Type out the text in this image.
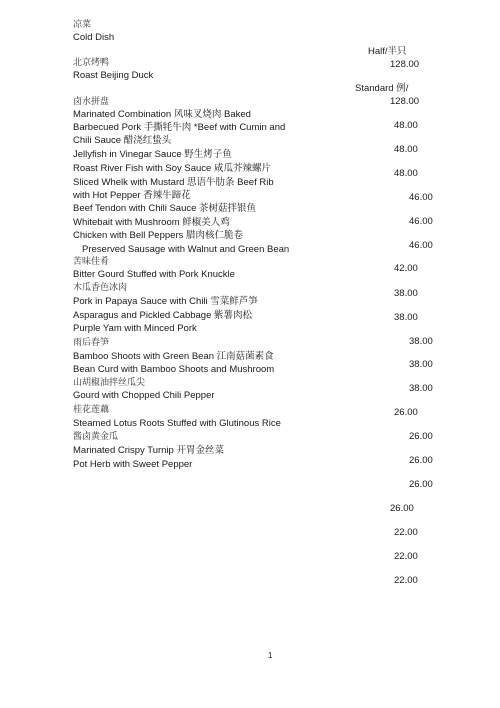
凉菜
Cold Dish
Half/半只
Standard 例/
北京烤鸭
Roast Beijing Duck
卤水拼盘
Marinated Combination 风味叉烧肉 Baked
Barbecued Pork 手撕牦牛肉 *Beef with Cumin and
Chili Sauce 醋浇红蛰头
Jellyfish in Vinegar Sauce 野生烤子鱼
Roast River Fish with Soy Sauce 咸瓜芥辣螺片
Sliced Whelk with Mustard 思语牛肋条 Beef Rib
with Hot Pepper 香辣牛蹄花
Beef Tendon with Chili Sauce 茶树菇拌银鱼
Whitebait with Mushroom 鲜椒美人鸡
Chicken with Bell Peppers 腊肉核仁脆卷
Preserved Sausage with Walnut and Green Bean
苦味佳肴
Bitter Gourd Stuffed with Pork Knuckle
木瓜香色冰肉
Pork in Papaya Sauce with Chili 雪菜鲜芦笋
Asparagus and Pickled Cabbage 紫薯肉松
Purple Yam with Minced Pork
雨后春笋
Bamboo Shoots with Green Bean 江南菇菌素食
Bean Curd with Bamboo Shoots and Mushroom
山胡椒油拌丝瓜尖
Gourd with Chopped Chili Pepper
桂花莲藕
Steamed Lotus Roots Stuffed with Glutinous Rice
酱卤黄金瓜
Marinated Crispy Turnip 开胃金丝菜
Pot Herb with Sweet Pepper
128.00
128.00
48.00
48.00
48.00
46.00
46.00
46.00
42.00
38.00
38.00
38.00
38.00
38.00
26.00
26.00
26.00
26.00
26.00
22.00
22.00
22.00
1
